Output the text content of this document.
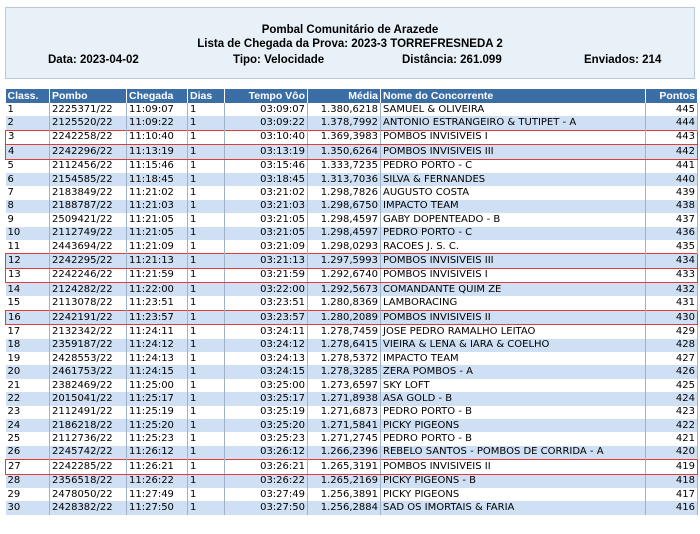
Pombal Comunitário de Arazede
Lista de Chegada da Prova: 2023-3 TORREFRESNEDA 2
Data: 2023-04-02	Tipo: Velocidade	Distância: 261.099	Enviados: 214
Class.	Pombo	Chegada	Dias	Tempo Vôo	Média	Nome do Concorrente	Pontos
1	2225371/22	11:09:07	1	03:09:07	1.380,6218	SAMUEL & OLIVEIRA	445
2	2125520/22	11:09:22	1	03:09:22	1.378,7992	ANTONIO ESTRANGEIRO & TUTIPET - A	444
3	2242258/22	11:10:40	1	03:10:40	1.369,3983	POMBOS INVISIVEIS I	443
4	2242296/22	11:13:19	1	03:13:19	1.350,6264	POMBOS INVISIVEIS III	442
5	2112456/22	11:15:46	1	03:15:46	1.333,7235	PEDRO PORTO - C	441
6	2154585/22	11:18:45	1	03:18:45	1.313,7036	SILVA & FERNANDES	440
7	2183849/22	11:21:02	1	03:21:02	1.298,7826	AUGUSTO COSTA	439
8	2188787/22	11:21:03	1	03:21:03	1.298,6750	IMPACTO TEAM	438
9	2509421/22	11:21:05	1	03:21:05	1.298,4597	GABY DOPENTEADO - B	437
10	2112749/22	11:21:05	1	03:21:05	1.298,4597	PEDRO PORTO - C	436
11	2443694/22	11:21:09	1	03:21:09	1.298,0293	RACOES J. S. C.	435
12	2242295/22	11:21:13	1	03:21:13	1.297,5993	POMBOS INVISIVEIS III	434
13	2242246/22	11:21:59	1	03:21:59	1.292,6740	POMBOS INVISIVEIS I	433
14	2124282/22	11:22:00	1	03:22:00	1.292,5673	COMANDANTE QUIM ZE	432
15	2113078/22	11:23:51	1	03:23:51	1.280,8369	LAMBORACING	431
16	2242191/22	11:23:57	1	03:23:57	1.280,2089	POMBOS INVISIVEIS II	430
17	2132342/22	11:24:11	1	03:24:11	1.278,7459	JOSE PEDRO RAMALHO LEITAO	429
18	2359187/22	11:24:12	1	03:24:12	1.278,6415	VIEIRA & LENA & IARA & COELHO	428
19	2428553/22	11:24:13	1	03:24:13	1.278,5372	IMPACTO TEAM	427
20	2461753/22	11:24:15	1	03:24:15	1.278,3285	ZERA POMBOS - A	426
21	2382469/22	11:25:00	1	03:25:00	1.273,6597	SKY LOFT	425
22	2015041/22	11:25:17	1	03:25:17	1.271,8938	ASA GOLD - B	424
23	2112491/22	11:25:19	1	03:25:19	1.271,6873	PEDRO PORTO - B	423
24	2186218/22	11:25:20	1	03:25:20	1.271,5841	PICKY PIGEONS	422
25	2112736/22	11:25:23	1	03:25:23	1.271,2745	PEDRO PORTO - B	421
26	2245742/22	11:26:12	1	03:26:12	1.266,2396	REBELO SANTOS - POMBOS DE CORRIDA - A	420
27	2242285/22	11:26:21	1	03:26:21	1.265,3191	POMBOS INVISIVEIS II	419
28	2356518/22	11:26:22	1	03:26:22	1.265,2169	PICKY PIGEONS - B	418
29	2478050/22	11:27:49	1	03:27:49	1.256,3891	PICKY PIGEONS	417
30	2428382/22	11:27:50	1	03:27:50	1.256,2884	SAD OS IMORTAIS & FARIA	416
